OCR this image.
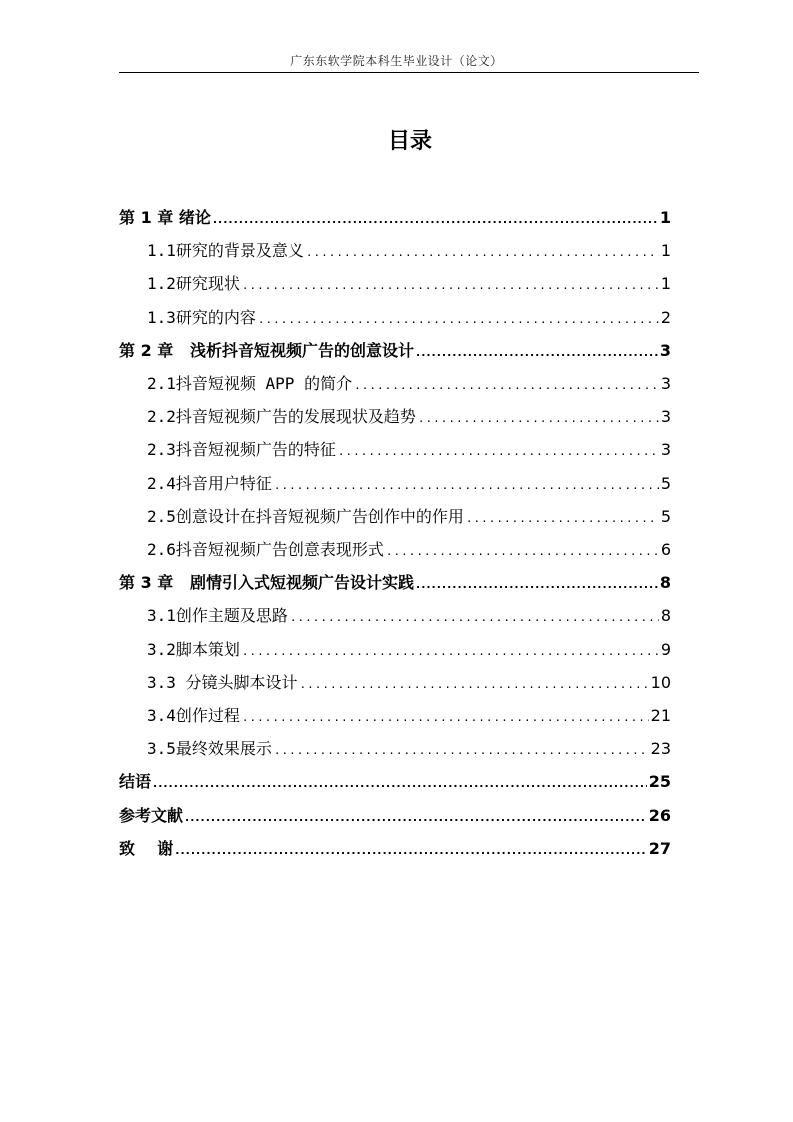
广东东软学院本科生毕业设计（论文）
目录
第 1 章 绪论 .....	1
1.1 研究的背景及意义 .....	1
1.2 研究现状 .....	1
1.3 研究的内容 .....	2
第 2 章 浅析抖音短视频广告的创意设计 .....	3
2.1 抖音短视频 APP 的简介 .....	3
2.2 抖音短视频广告的发展现状及趋势 .....	3
2.3 抖音短视频广告的特征 .....	3
2.4 抖音用户特征 .....	5
2.5 创意设计在抖音短视频广告创作中的作用 .....	5
2.6 抖音短视频广告创意表现形式 .....	6
第 3 章 剧情引入式短视频广告设计实践 .....	8
3.1 创作主题及思路 .....	8
3.2 脚本策划 .....	9
3.3 分镜头脚本设计 .....	10
3.4 创作过程 .....	21
3.5 最终效果展示 .....	23
结语 .....	25
参考文献 .....	26
致    谢 .....	27
